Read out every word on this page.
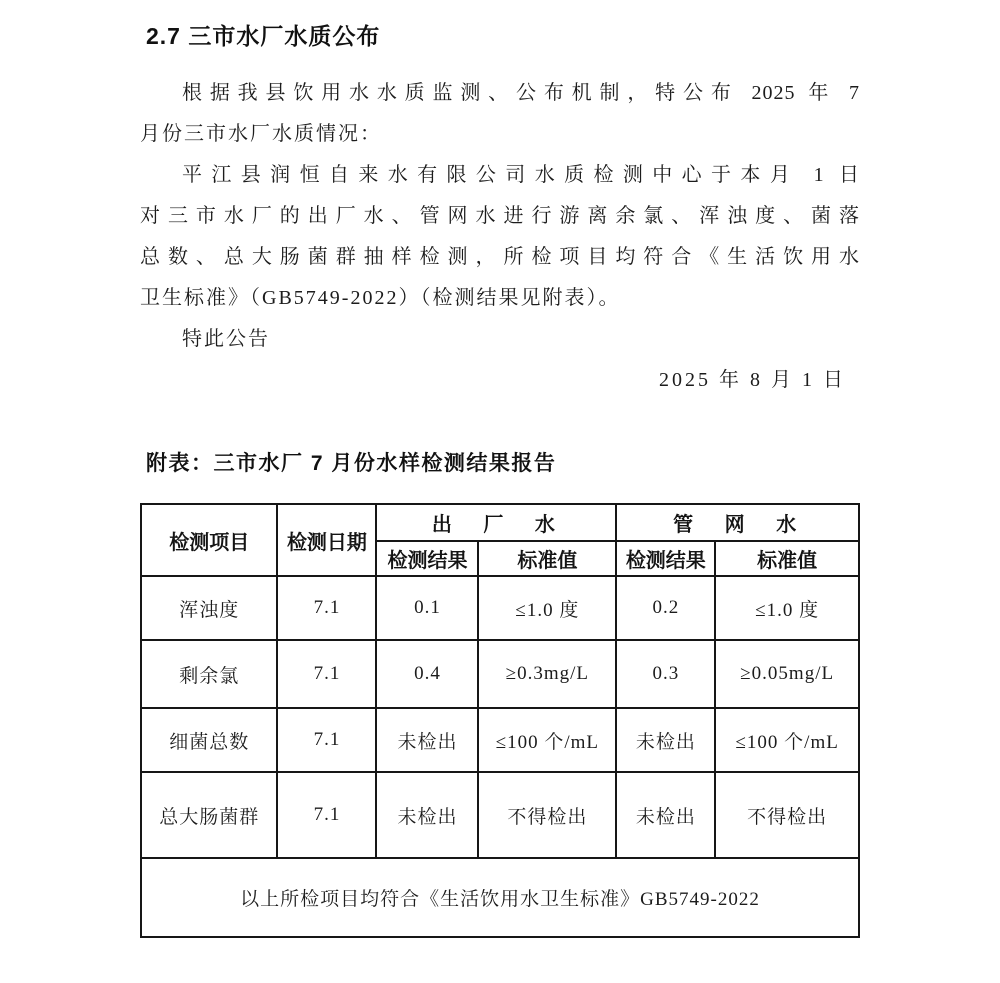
2.7 三市水厂水质公布
根据我县饮用水水质监测、公布机制，特公布 2025 年 7
月份三市水厂水质情况：
平江县润恒自来水有限公司水质检测中心于本月 1 日
对三市水厂的出厂水、管网水进行游离余氯、浑浊度、菌落
总数、总大肠菌群抽样检测，所检项目均符合《生活饮用水
卫生标准》（GB5749-2022）（检测结果见附表）。
特此公告
2025 年 8 月 1 日
附表：三市水厂 7 月份水样检测结果报告
检测项目	检测日期	出 厂 水		管 网 水	
		检测结果	标准值	检测结果	标准值
浑浊度	7.1	0.1	≤1.0 度	0.2	≤1.0 度
剩余氯	7.1	0.4	≥0.3mg/L	0.3	≥0.05mg/L
细菌总数	7.1	未检出	≤100 个/mL	未检出	≤100 个/mL
总大肠菌群	7.1	未检出	不得检出	未检出	不得检出
以上所检项目均符合《生活饮用水卫生标准》GB5749-2022					
